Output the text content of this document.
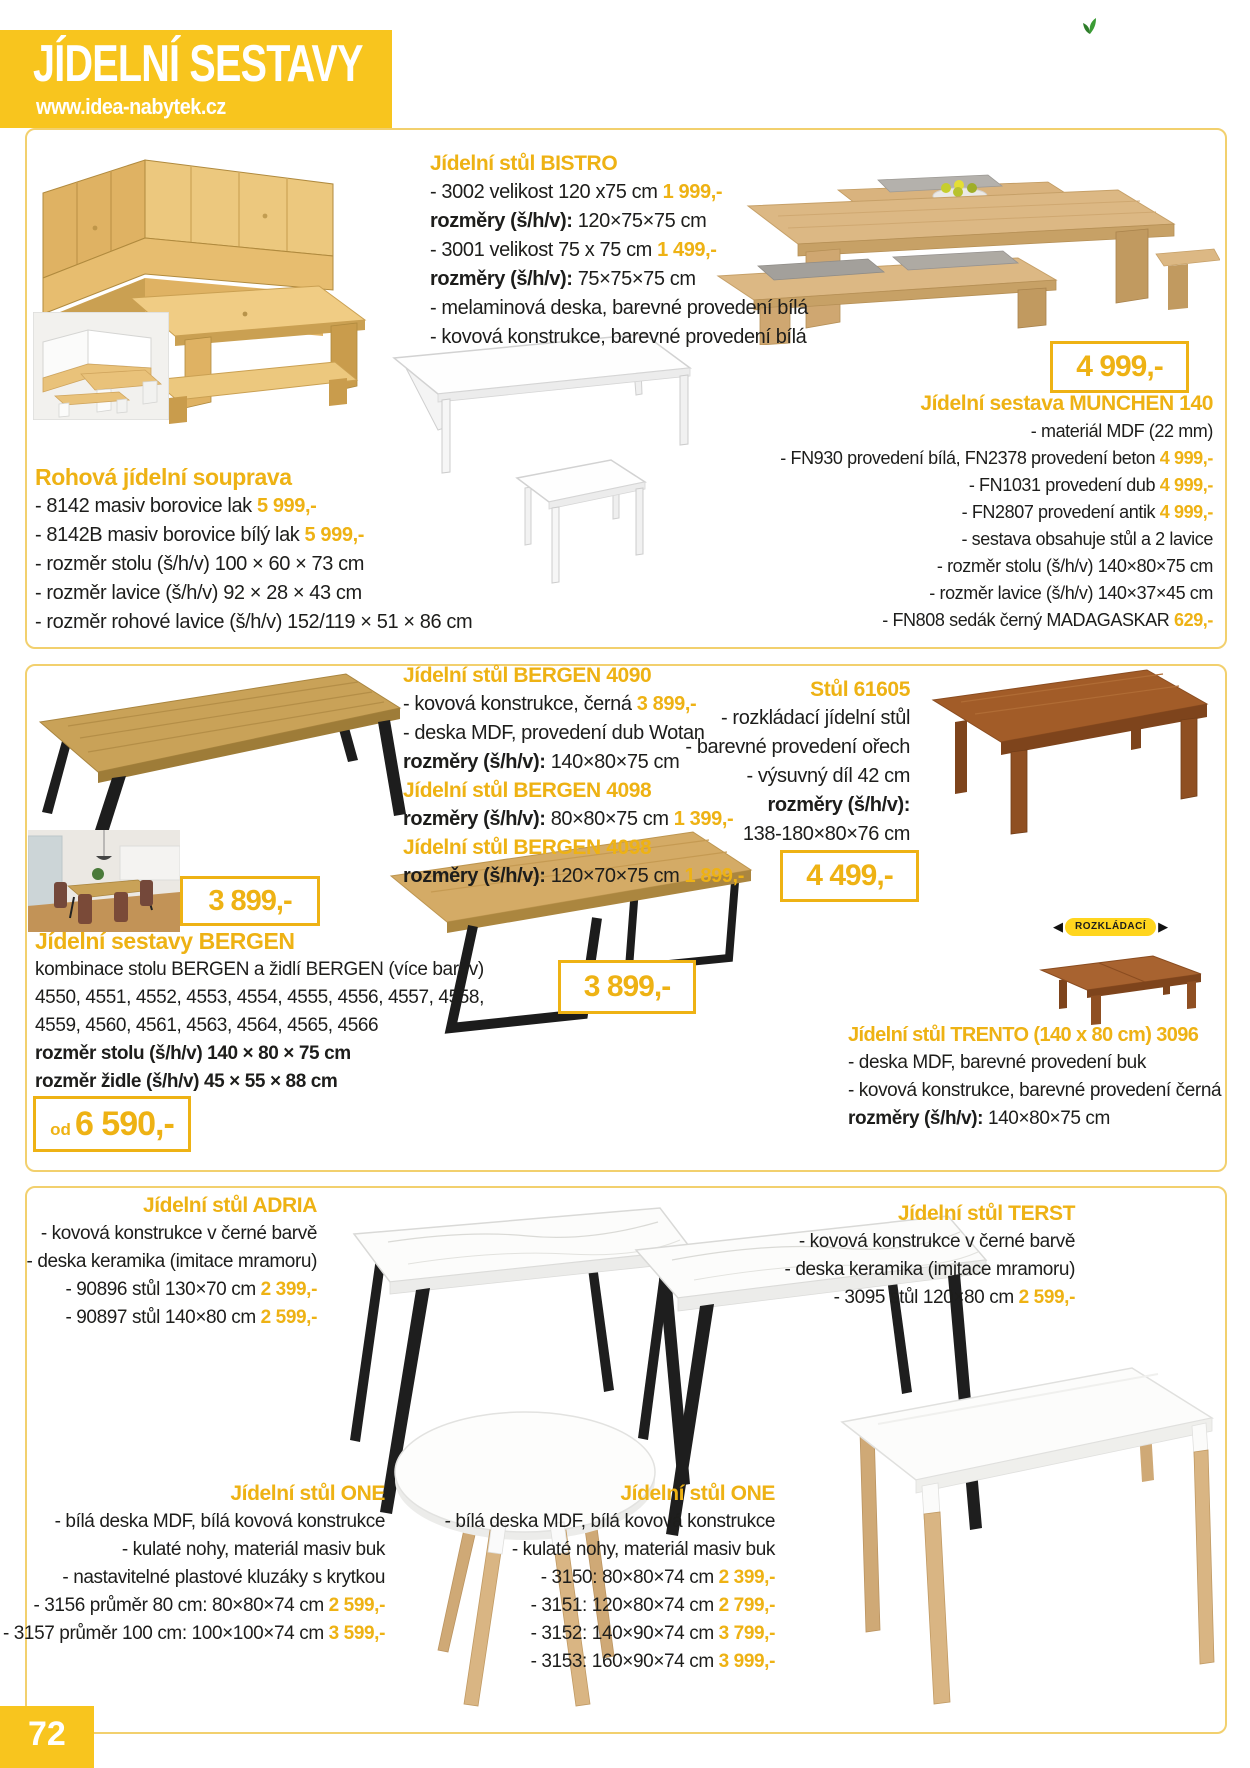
JÍDELNÍ SESTAVY
www.idea-nabytek.cz
Rohová jídelní souprava
- 8142 masiv borovice lak 5 999,-
- 8142B masiv borovice bílý lak 5 999,-
- rozměr stolu (š/h/v) 100 × 60 × 73 cm
- rozměr lavice (š/h/v) 92 × 28 × 43 cm
- rozměr rohové lavice (š/h/v) 152/119 × 51 × 86 cm
Jídelní stůl BISTRO
- 3002 velikost 120 x75 cm 1 999,-
rozměry (š/h/v): 120×75×75 cm
- 3001 velikost 75 x 75 cm 1 499,-
rozměry (š/h/v): 75×75×75 cm
- melaminová deska, barevné provedení bílá
- kovová konstrukce, barevné provedení bílá
4 999,-
Jídelní sestava MUNCHEN 140
- materiál MDF (22 mm)
- FN930 provedení bílá, FN2378 provedení beton 4 999,-
- FN1031 provedení dub 4 999,-
- FN2807 provedení antik 4 999,-
- sestava obsahuje stůl a 2 lavice
- rozměr stolu (š/h/v) 140×80×75 cm
- rozměr lavice (š/h/v) 140×37×45 cm
- FN808 sedák černý MADAGASKAR 629,-
Jídelní stůl BERGEN 4090
- kovová konstrukce, černá 3 899,-
- deska MDF, provedení dub Wotan
rozměry (š/h/v): 140×80×75 cm
Jídelní stůl BERGEN 4098
rozměry (š/h/v): 80×80×75 cm 1 399,-
Jídelní stůl BERGEN 4098
rozměry (š/h/v): 120×70×75 cm 1 899,-
Stůl 61605
- rozkládací jídelní stůl
- barevné provedení ořech
- výsuvný díl 42 cm
rozměry (š/h/v):
138-180×80×76 cm
4 499,-
◀	ROZKLÁDACÍ ▶
3 899,-
Jídelní sestavy BERGEN
kombinace stolu BERGEN a židlí BERGEN (více barev)
4550, 4551, 4552, 4553, 4554, 4555, 4556, 4557, 4558,
4559, 4560, 4561, 4563, 4564, 4565, 4566
rozměr stolu (š/h/v) 140 × 80 × 75 cm
rozměr židle (š/h/v) 45 × 55 × 88 cm
od 6 590,-
3 899,-
Jídelní stůl TRENTO (140 x 80 cm) 3096
- deska MDF, barevné provedení buk
- kovová konstrukce, barevné provedení černá
rozměry (š/h/v): 140×80×75 cm
Jídelní stůl ADRIA
- kovová konstrukce v černé barvě
- deska keramika (imitace mramoru)
- 90896 stůl 130×70 cm 2 399,-
- 90897 stůl 140×80 cm 2 599,-
Jídelní stůl TERST
- kovová konstrukce v černé barvě
- deska keramika (imitace mramoru)
- 3095 stůl 120×80 cm 2 599,-
Jídelní stůl ONE
- bílá deska MDF, bílá kovová konstrukce
- kulaté nohy, materiál masiv buk
- nastavitelné plastové kluzáky s krytkou
- 3156 průměr 80 cm: 80×80×74 cm 2 599,-
- 3157 průměr 100 cm: 100×100×74 cm 3 599,-
Jídelní stůl ONE
- bílá deska MDF, bílá kovová konstrukce
- kulaté nohy, materiál masiv buk
- 3150: 80×80×74 cm 2 399,-
- 3151: 120×80×74 cm 2 799,-
- 3152: 140×90×74 cm 3 799,-
- 3153: 160×90×74 cm 3 999,-
72
